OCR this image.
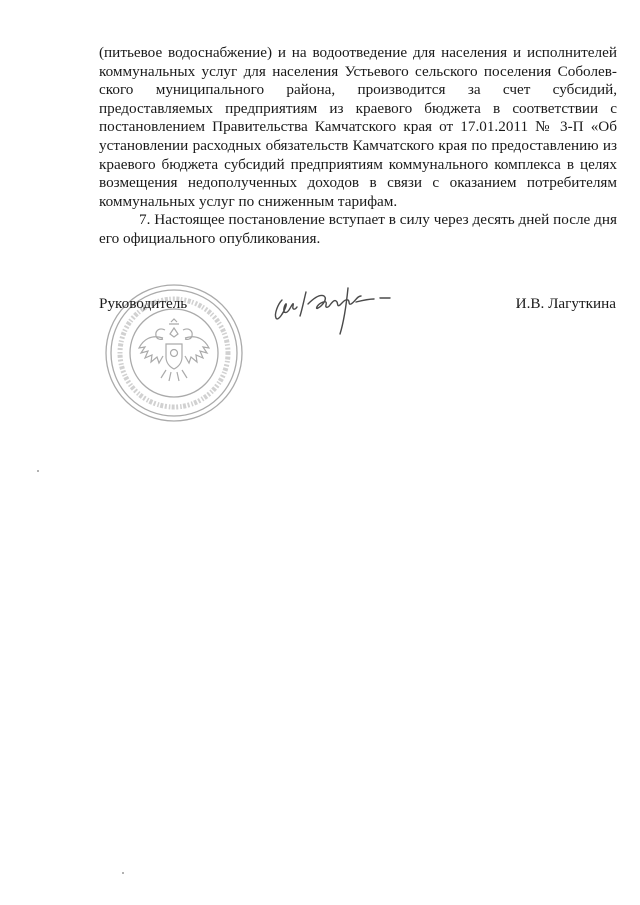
(питьевое водоснабжение) и на водоотведение для населения и исполнителей
коммунальных услуг для населения Устьевого сельского поселения Соболев-
ского муниципального района, производится за счет субсидий,
предоставляемых предприятиям из краевого бюджета в соответствии с
постановлением Правительства Камчатского края от 17.01.2011 № 3-П «Об
установлении расходных обязательств Камчатского края по предоставлению из
краевого бюджета субсидий предприятиям коммунального комплекса в целях
возмещения недополученных доходов в связи с оказанием потребителям
коммунальных услуг по сниженным тарифам.

7. Настоящее постановление вступает в силу через десять дней после дня
его официального опубликования.

Руководитель	И.В. Лагуткина
